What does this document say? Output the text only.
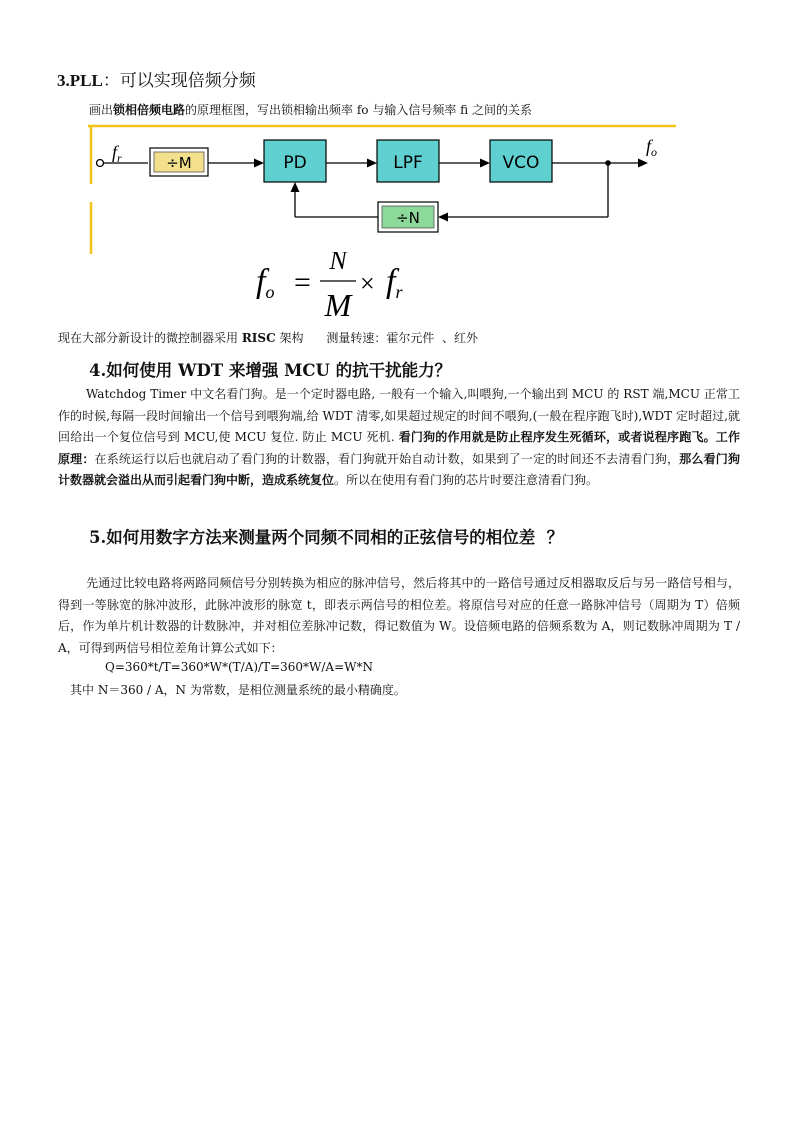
3.PLL：可以实现倍频分频
画出锁相倍频电路的原理框图，写出锁相输出频率 fo 与输入信号频率 fi 之间的关系
$f_r$	÷M	PD	LPF	VCO
$f_o$
÷N
fo =
N
M
× fr
现在大部分新设计的微控制器采用 RISC 架构      测量转速：霍尔元件  、红外
4.如何使用 WDT 来增强 MCU 的抗干扰能力？
Watchdog Timer 中文名看门狗。是一个定时器电路, 一般有一个输入,叫喂狗,一个输出到 MCU 的 RST 端,MCU 正常工作的时候,每隔一段时间输出一个信号到喂狗端,给 WDT 清零,如果超过规定的时间不喂狗,(一般在程序跑飞时),WDT 定时超过,就回给出一个复位信号到 MCU,使 MCU 复位. 防止 MCU 死机. 看门狗的作用就是防止程序发生死循环，或者说程序跑飞。工作原理：在系统运行以后也就启动了看门狗的计数器，看门狗就开始自动计数，如果到了一定的时间还不去清看门狗，那么看门狗计数器就会溢出从而引起看门狗中断，造成系统复位。所以在使用有看门狗的芯片时要注意清看门狗。
5.如何用数字方法来测量两个同频不同相的正弦信号的相位差  ？
先通过比较电路将两路同频信号分别转换为相应的脉冲信号，然后将其中的一路信号通过反相器取反后与另一路信号相与，得到一等脉宽的脉冲波形，此脉冲波形的脉宽 t，即表示两信号的相位差。将原信号对应的任意一路脉冲信号（周期为 T）倍频后，作为单片机计数器的计数脉冲，并对相位差脉冲记数，得记数值为 W。设倍频电路的倍频系数为 A，则记数脉冲周期为 T / A，可得到两信号相位差角计算公式如下：
Q=360*t/T=360*W*(T/A)/T=360*W/A=W*N
其中 N＝360 / A，N 为常数，是相位测量系统的最小精确度。
